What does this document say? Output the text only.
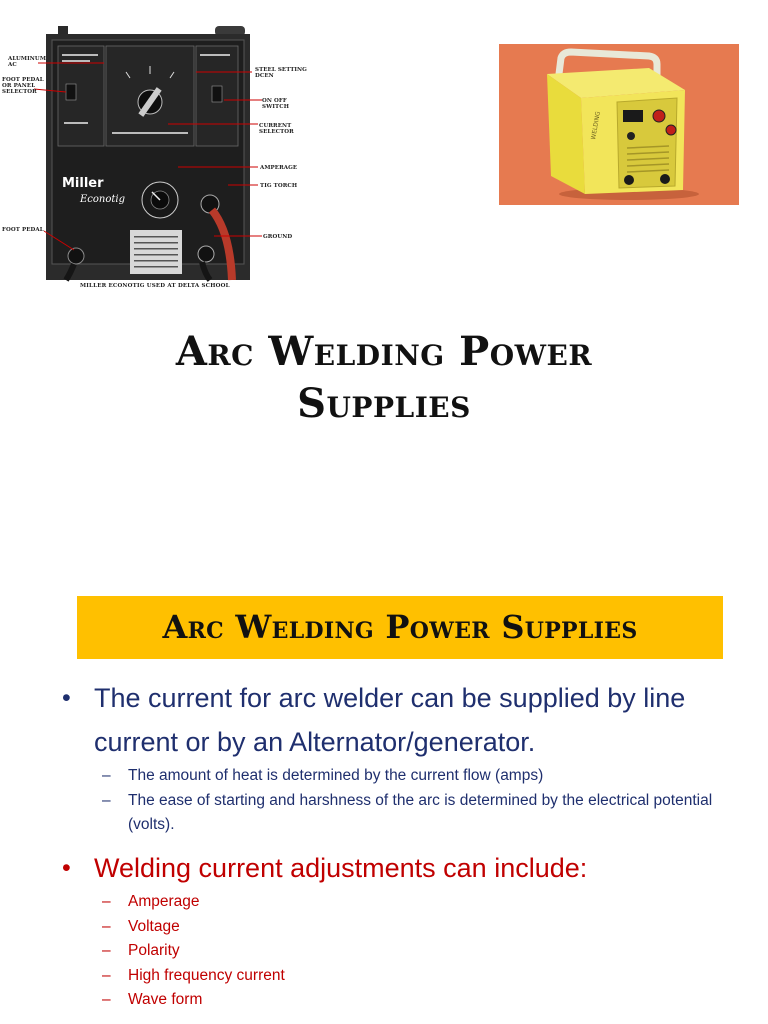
Miller
Econotig
ALUMINUM
AC
FOOT PEDAL
OR PANEL
SELECTOR
FOOT PEDAL
STEEL SETTING
DCEN
ON OFF
SWITCH
CURRENT
SELECTOR
AMPERAGE
TIG TORCH
GROUND
MILLER ECONOTIG USED AT DELTA SCHOOL
WELDING
Arc Welding Power Supplies
Arc Welding Power Supplies
• The current for arc welder can be supplied by line current or by an Alternator/generator.
–	The amount of heat is determined by the current flow (amps)
–	The ease of starting and harshness of the arc is determined by the electrical potential (volts).
• Welding current adjustments can include:
–	Amperage
–	Voltage
–	Polarity
–	High frequency current
–	Wave form
